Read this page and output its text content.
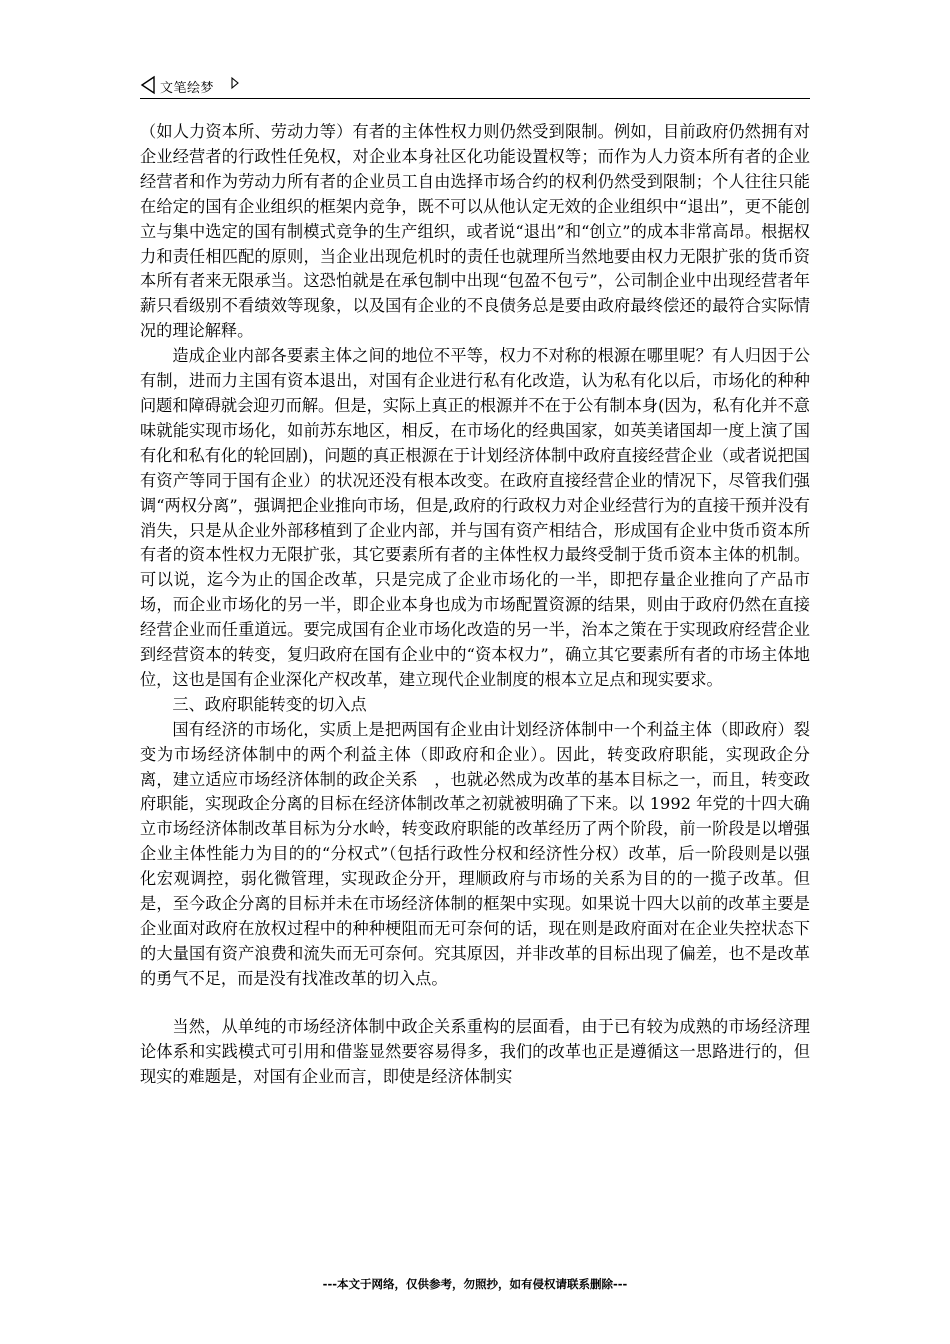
文笔绘梦

（如人力资本所、劳动力等）有者的主体性权力则仍然受到限制。例如，目前政府仍然拥有对企业经营者的行政性任免权，对企业本身社区化功能设置权等；而作为人力资本所有者的企业经营者和作为劳动力所有者的企业员工自由选择市场合约的权利仍然受到限制；个人往往只能在给定的国有企业组织的框架内竞争，既不可以从他认定无效的企业组织中“退出”，更不能创立与集中选定的国有制模式竞争的生产组织，或者说“退出”和“创立”的成本非常高昂。根据权力和责任相匹配的原则，当企业出现危机时的责任也就理所当然地要由权力无限扩张的货币资本所有者来无限承当。这恐怕就是在承包制中出现“包盈不包亏”，公司制企业中出现经营者年薪只看级别不看绩效等现象，以及国有企业的不良债务总是要由政府最终偿还的最符合实际情况的理论解释。

造成企业内部各要素主体之间的地位不平等，权力不对称的根源在哪里呢？有人归因于公有制，进而力主国有资本退出，对国有企业进行私有化改造，认为私有化以后，市场化的种种问题和障碍就会迎刃而解。但是，实际上真正的根源并不在于公有制本身(因为，私有化并不意味就能实现市场化，如前苏东地区，相反，在市场化的经典国家，如英美诸国却一度上演了国有化和私有化的轮回剧)，问题的真正根源在于计划经济体制中政府直接经营企业（或者说把国有资产等同于国有企业）的状况还没有根本改变。在政府直接经营企业的情况下，尽管我们强调“两权分离”，强调把企业推向市场，但是,政府的行政权力对企业经营行为的直接干预并没有消失，只是从企业外部移植到了企业内部，并与国有资产相结合，形成国有企业中货币资本所有者的资本性权力无限扩张，其它要素所有者的主体性权力最终受制于货币资本主体的机制。可以说，迄今为止的国企改革，只是完成了企业市场化的一半，即把存量企业推向了产品市场，而企业市场化的另一半，即企业本身也成为市场配置资源的结果，则由于政府仍然在直接经营企业而任重道远。要完成国有企业市场化改造的另一半，治本之策在于实现政府经营企业到经营资本的转变，复归政府在国有企业中的“资本权力”，确立其它要素所有者的市场主体地位，这也是国有企业深化产权改革，建立现代企业制度的根本立足点和现实要求。

三、政府职能转变的切入点

国有经济的市场化，实质上是把两国有企业由计划经济体制中一个利益主体（即政府）裂变为市场经济体制中的两个利益主体（即政府和企业）。因此，转变政府职能，实现政企分离，建立适应市场经济体制的政企关系　，也就必然成为改革的基本目标之一，而且，转变政府职能，实现政企分离的目标在经济体制改革之初就被明确了下来。以 1992 年党的十四大确立市场经济体制改革目标为分水岭，转变政府职能的改革经历了两个阶段，前一阶段是以增强企业主体性能力为目的的“分权式”（包括行政性分权和经济性分权）改革，后一阶段则是以强化宏观调控，弱化微管理，实现政企分开，理顺政府与市场的关系为目的的一揽子改革。但是，至今政企分离的目标并未在市场经济体制的框架中实现。如果说十四大以前的改革主要是企业面对政府在放权过程中的种种梗阻而无可奈何的话，现在则是政府面对在企业失控状态下的大量国有资产浪费和流失而无可奈何。究其原因，并非改革的目标出现了偏差，也不是改革的勇气不足，而是没有找准改革的切入点。

当然，从单纯的市场经济体制中政企关系重构的层面看，由于已有较为成熟的市场经济理论体系和实践模式可引用和借鉴显然要容易得多，我们的改革也正是遵循这一思路进行的，但现实的难题是，对国有企业而言，即使是经济体制实

---本文于网络，仅供参考，勿照抄，如有侵权请联系删除---
